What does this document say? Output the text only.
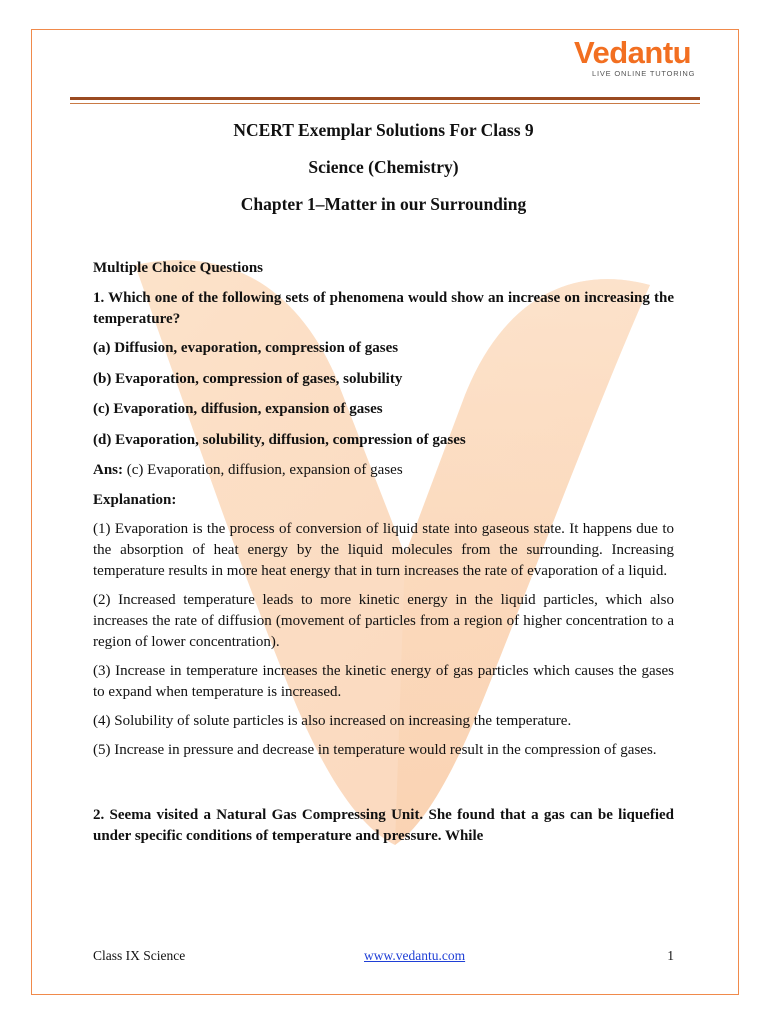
Vedantu
LIVE ONLINE TUTORING
NCERT Exemplar Solutions For Class 9
Science (Chemistry)
Chapter 1–Matter in our Surrounding
Multiple Choice Questions
1. Which one of the following sets of phenomena would show an increase on increasing the temperature?
(a) Diffusion, evaporation, compression of gases
(b) Evaporation, compression of gases, solubility
(c) Evaporation, diffusion, expansion of gases
(d) Evaporation, solubility, diffusion, compression of gases
Ans: (c) Evaporation, diffusion, expansion of gases
Explanation:
(1) Evaporation is the process of conversion of liquid state into gaseous state. It happens due to the absorption of heat energy by the liquid molecules from the surrounding. Increasing temperature results in more heat energy that in turn increases the rate of evaporation of a liquid.
(2) Increased temperature leads to more kinetic energy in the liquid particles, which also increases the rate of diffusion (movement of particles from a region of higher concentration to a region of lower concentration).
(3) Increase in temperature increases the kinetic energy of gas particles which causes the gases to expand when temperature is increased.
(4) Solubility of solute particles is also increased on increasing the temperature.
(5) Increase in pressure and decrease in temperature would result in the compression of gases.
2. Seema visited a Natural Gas Compressing Unit. She found that a gas can be liquefied under specific conditions of temperature and pressure. While
Class IX Science	www.vedantu.com	1
